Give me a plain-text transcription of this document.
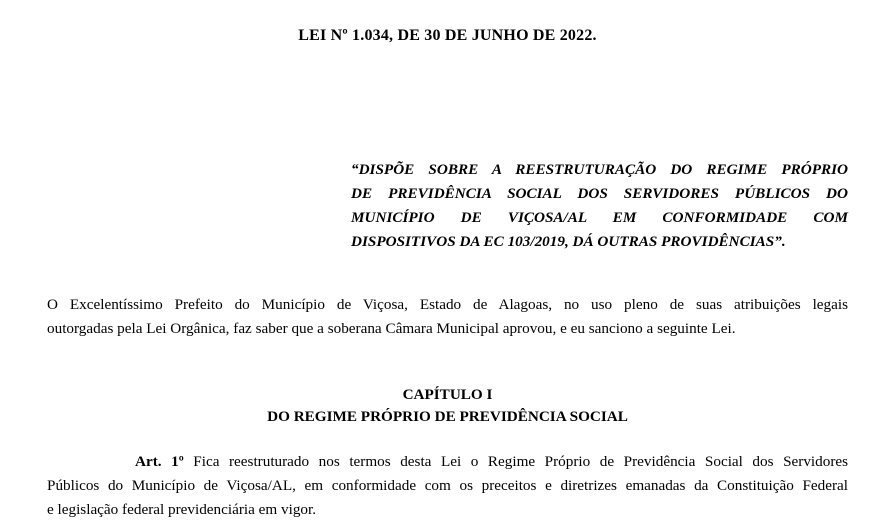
LEI Nº 1.034, DE 30 DE JUNHO DE 2022.
“DISPÕE SOBRE A REESTRUTURAÇÃO DO REGIME PRÓPRIO
DE PREVIDÊNCIA SOCIAL DOS SERVIDORES PÚBLICOS DO
MUNICÍPIO DE VIÇOSA/AL EM CONFORMIDADE COM
DISPOSITIVOS DA EC 103/2019, DÁ OUTRAS PROVIDÊNCIAS”.
O Excelentíssimo Prefeito do Município de Viçosa, Estado de Alagoas, no uso pleno de suas atribuições legais
outorgadas pela Lei Orgânica, faz saber que a soberana Câmara Municipal aprovou, e eu sanciono a seguinte Lei.
CAPÍTULO I
DO REGIME PRÓPRIO DE PREVIDÊNCIA SOCIAL
Art. 1º Fica reestruturado nos termos desta Lei o Regime Próprio de Previdência Social dos Servidores
Públicos do Município de Viçosa/AL, em conformidade com os preceitos e diretrizes emanadas da Constituição Federal
e legislação federal previdenciária em vigor.
